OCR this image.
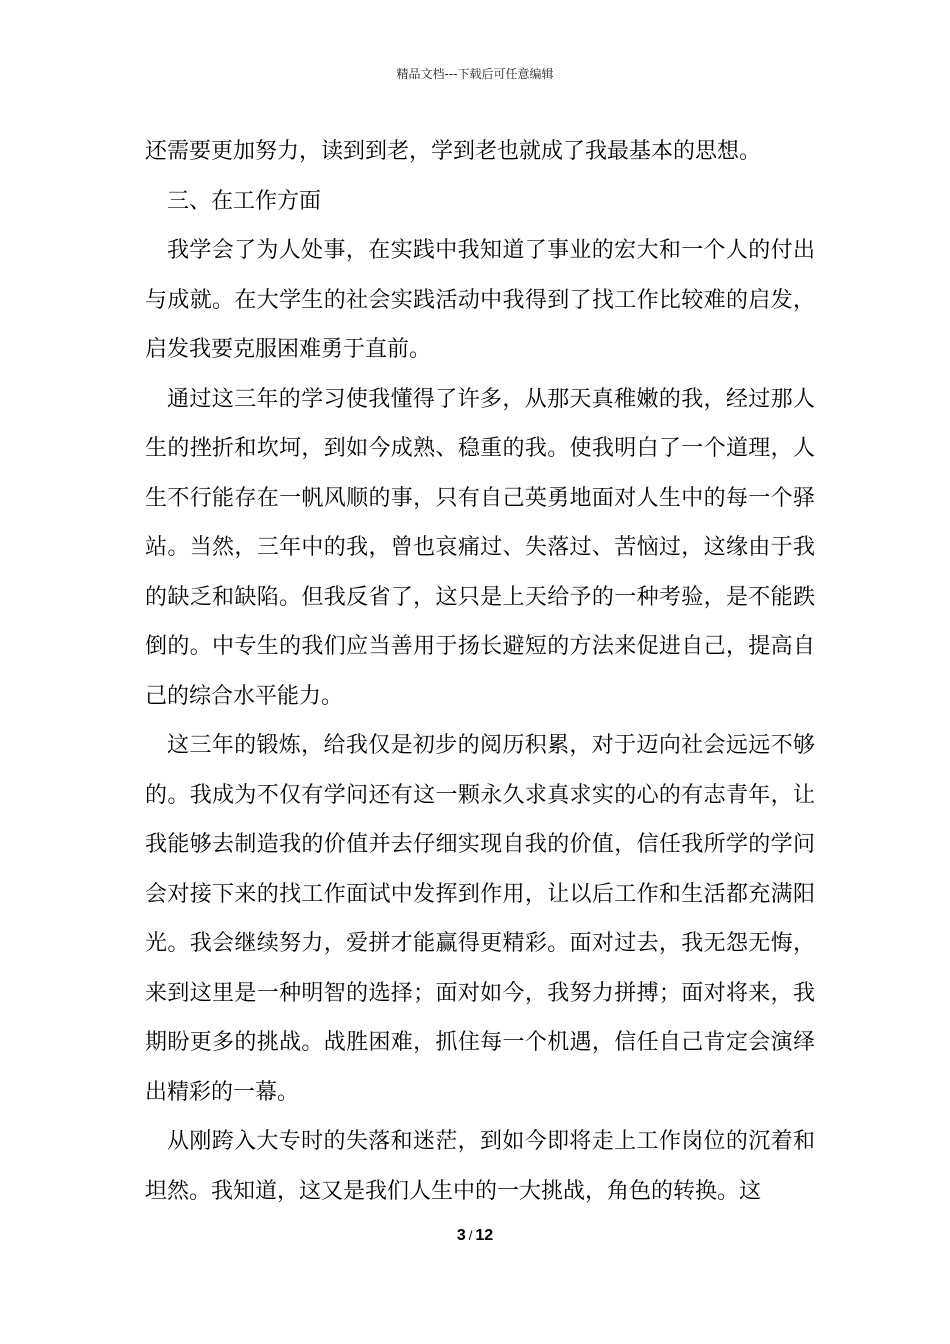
精品文档---下载后可任意编辑

还需要更加努力，读到到老，学到老也就成了我最基本的思想。

三、在工作方面

我学会了为人处事，在实践中我知道了事业的宏大和一个人的付出与成就。在大学生的社会实践活动中我得到了找工作比较难的启发，启发我要克服困难勇于直前。

通过这三年的学习使我懂得了许多，从那天真稚嫩的我，经过那人生的挫折和坎坷，到如今成熟、稳重的我。使我明白了一个道理，人生不行能存在一帆风顺的事，只有自己英勇地面对人生中的每一个驿站。当然，三年中的我，曾也哀痛过、失落过、苦恼过，这缘由于我的缺乏和缺陷。但我反省了，这只是上天给予的一种考验，是不能跌倒的。中专生的我们应当善用于扬长避短的方法来促进自己，提高自己的综合水平能力。

这三年的锻炼，给我仅是初步的阅历积累，对于迈向社会远远不够的。我成为不仅有学问还有这一颗永久求真求实的心的有志青年，让我能够去制造我的价值并去仔细实现自我的价值，信任我所学的学问会对接下来的找工作面试中发挥到作用，让以后工作和生活都充满阳光。我会继续努力，爱拼才能赢得更精彩。面对过去，我无怨无悔，来到这里是一种明智的选择；面对如今，我努力拼搏；面对将来，我期盼更多的挑战。战胜困难，抓住每一个机遇，信任自己肯定会演绎出精彩的一幕。

从刚跨入大专时的失落和迷茫，到如今即将走上工作岗位的沉着和坦然。我知道，这又是我们人生中的一大挑战，角色的转换。这

3 / 12
